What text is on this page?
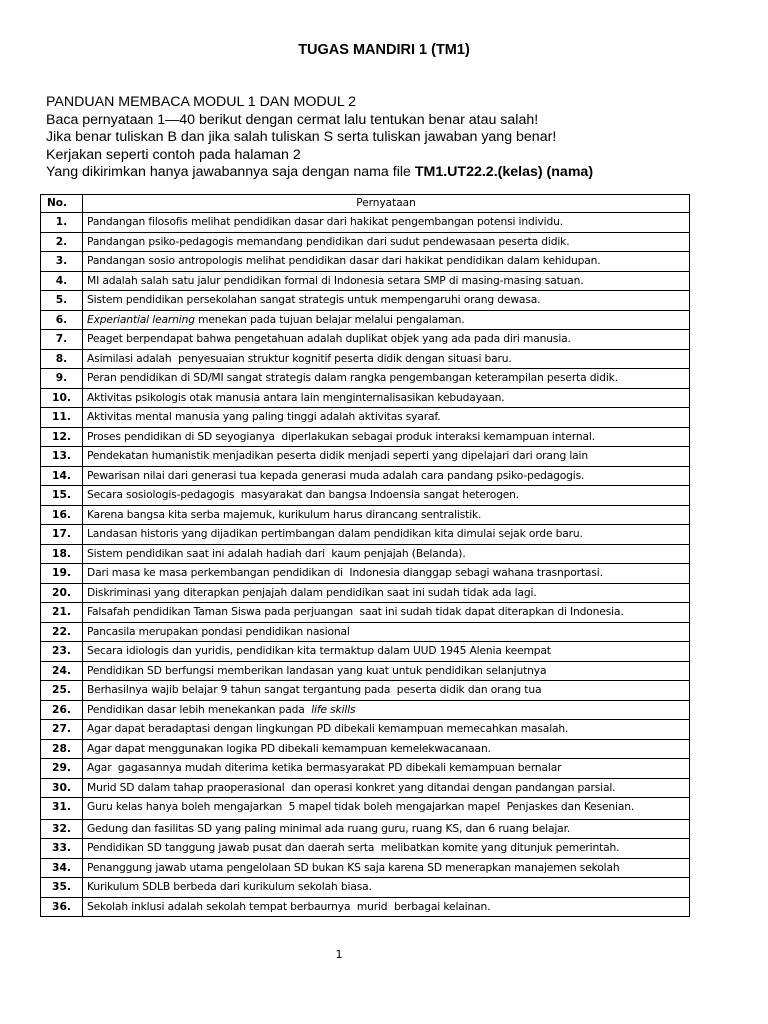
TUGAS MANDIRI 1 (TM1)
PANDUAN MEMBACA MODUL 1 DAN MODUL 2
Baca pernyataan 1—40 berikut dengan cermat lalu tentukan benar atau salah!
Jika benar tuliskan B dan jika salah tuliskan S serta tuliskan jawaban yang benar!
Kerjakan seperti contoh pada halaman 2
Yang dikirimkan hanya jawabannya saja dengan nama file TM1.UT22.2.(kelas) (nama)
No.	Pernyataan
1.	Pandangan filosofis melihat pendidikan dasar dari hakikat pengembangan potensi individu.
2.	Pandangan psiko-pedagogis memandang pendidikan dari sudut pendewasaan peserta didik.
3.	Pandangan sosio antropologis melihat pendidikan dasar dari hakikat pendidikan dalam kehidupan.
4.	MI adalah salah satu jalur pendidikan formal di Indonesia setara SMP di masing-masing satuan.
5.	Sistem pendidikan persekolahan sangat strategis untuk mempengaruhi orang dewasa.
6.	Experiantial learning menekan pada tujuan belajar melalui pengalaman.
7.	Peaget berpendapat bahwa pengetahuan adalah duplikat objek yang ada pada diri manusia.
8.	Asimilasi adalah  penyesuaian struktur kognitif peserta didik dengan situasi baru.
9.	Peran pendidikan di SD/MI sangat strategis dalam rangka pengembangan keterampilan peserta didik.
10.	Aktivitas psikologis otak manusia antara lain menginternalisasikan kebudayaan.
11.	Aktivitas mental manusia yang paling tinggi adalah aktivitas syaraf.
12.	Proses pendidikan di SD seyogianya  diperlakukan sebagai produk interaksi kemampuan internal.
13.	Pendekatan humanistik menjadikan peserta didik menjadi seperti yang dipelajari dari orang lain
14.	Pewarisan nilai dari generasi tua kepada generasi muda adalah cara pandang psiko-pedagogis.
15.	Secara sosiologis-pedagogis  masyarakat dan bangsa Indoensia sangat heterogen.
16.	Karena bangsa kita serba majemuk, kurikulum harus dirancang sentralistik.
17.	Landasan historis yang dijadikan pertimbangan dalam pendidikan kita dimulai sejak orde baru.
18.	Sistem pendidikan saat ini adalah hadiah dari  kaum penjajah (Belanda).
19.	Dari masa ke masa perkembangan pendidikan di  Indonesia dianggap sebagi wahana trasnportasi.
20.	Diskriminasi yang diterapkan penjajah dalam pendidikan saat ini sudah tidak ada lagi.
21.	Falsafah pendidikan Taman Siswa pada perjuangan  saat ini sudah tidak dapat diterapkan di Indonesia.
22.	Pancasila merupakan pondasi pendidikan nasional
23.	Secara idiologis dan yuridis, pendidikan kita termaktup dalam UUD 1945 Alenia keempat
24.	Pendidikan SD berfungsi memberikan landasan yang kuat untuk pendidikan selanjutnya
25.	Berhasilnya wajib belajar 9 tahun sangat tergantung pada  peserta didik dan orang tua
26.	Pendidikan dasar lebih menekankan pada  life skills
27.	Agar dapat beradaptasi dengan lingkungan PD dibekali kemampuan memecahkan masalah.
28.	Agar dapat menggunakan logika PD dibekali kemampuan kemelekwacanaan.
29.	Agar  gagasannya mudah diterima ketika bermasyarakat PD dibekali kemampuan bernalar
30.	Murid SD dalam tahap praoperasional  dan operasi konkret yang ditandai dengan pandangan parsial.
31.	Guru kelas hanya boleh mengajarkan  5 mapel tidak boleh mengajarkan mapel  Penjaskes dan Kesenian.
32.	Gedung dan fasilitas SD yang paling minimal ada ruang guru, ruang KS, dan 6 ruang belajar.
33.	Pendidikan SD tanggung jawab pusat dan daerah serta  melibatkan komite yang ditunjuk pemerintah.
34.	Penanggung jawab utama pengelolaan SD bukan KS saja karena SD menerapkan manajemen sekolah
35.	Kurikulum SDLB berbeda dari kurikulum sekolah biasa.
36.	Sekolah inklusi adalah sekolah tempat berbaurnya  murid  berbagai kelainan.
1
